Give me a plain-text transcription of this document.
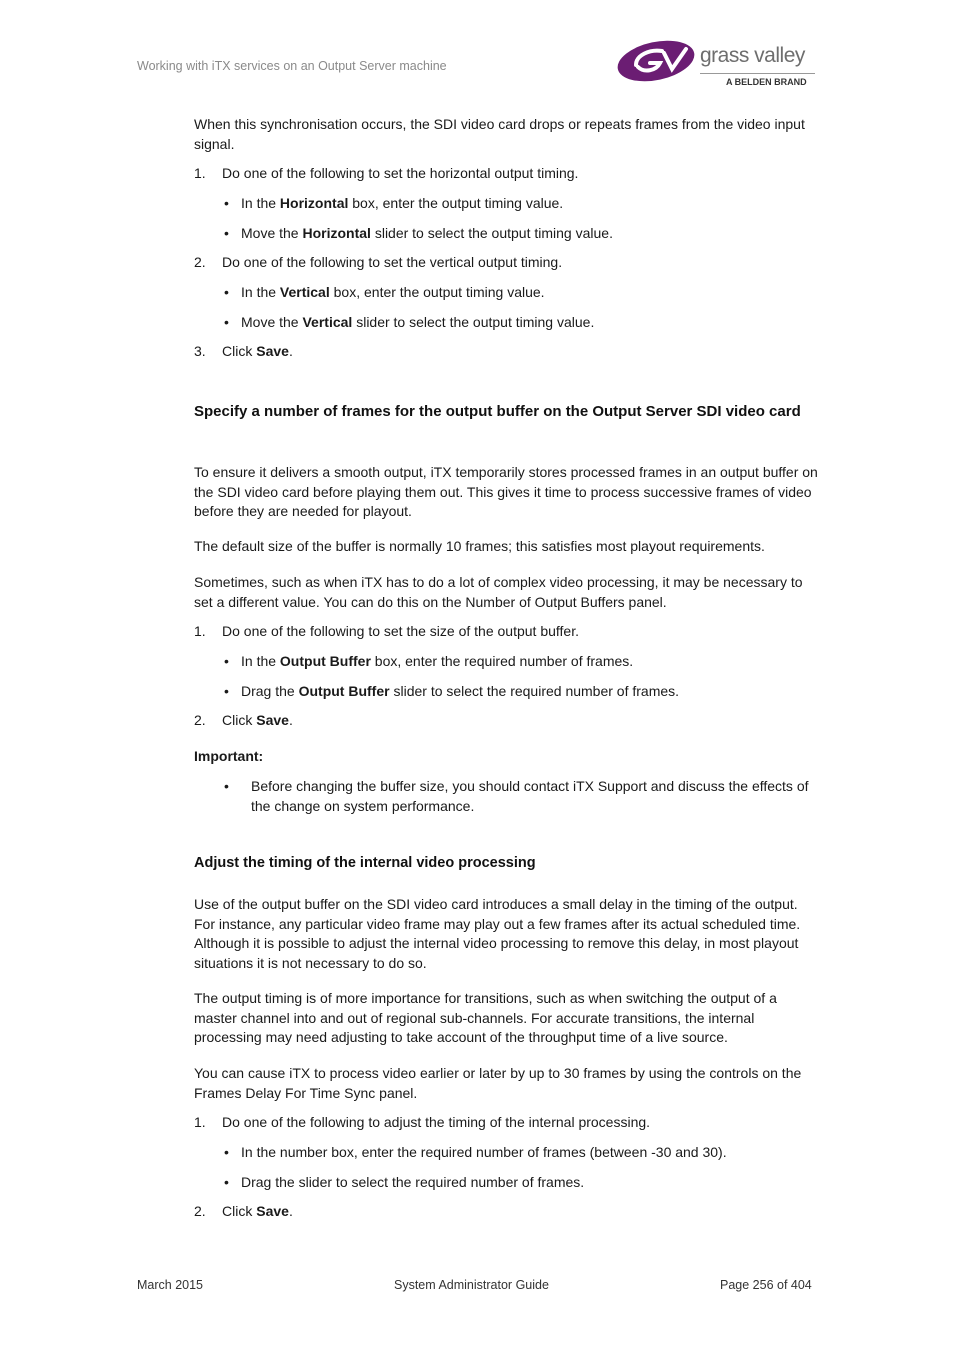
Working with iTX services on an Output Server machine	grass valley
A BELDEN BRAND
When this synchronisation occurs, the SDI video card drops or repeats frames from the video input signal.
1. Do one of the following to set the horizontal output timing.
• In the Horizontal box, enter the output timing value.
• Move the Horizontal slider to select the output timing value.
2. Do one of the following to set the vertical output timing.
• In the Vertical box, enter the output timing value.
• Move the Vertical slider to select the output timing value.
3. Click Save.
Specify a number of frames for the output buffer on the Output Server SDI video card
To ensure it delivers a smooth output, iTX temporarily stores processed frames in an output buffer on the SDI video card before playing them out. This gives it time to process successive frames of video before they are needed for playout.
The default size of the buffer is normally 10 frames; this satisfies most playout requirements.
Sometimes, such as when iTX has to do a lot of complex video processing, it may be necessary to set a different value. You can do this on the Number of Output Buffers panel.
1. Do one of the following to set the size of the output buffer.
• In the Output Buffer box, enter the required number of frames.
• Drag the Output Buffer slider to select the required number of frames.
2. Click Save.
Important:
• Before changing the buffer size, you should contact iTX Support and discuss the effects of the change on system performance.
Adjust the timing of the internal video processing
Use of the output buffer on the SDI video card introduces a small delay in the timing of the output. For instance, any particular video frame may play out a few frames after its actual scheduled time. Although it is possible to adjust the internal video processing to remove this delay, in most playout situations it is not necessary to do so.
The output timing is of more importance for transitions, such as when switching the output of a master channel into and out of regional sub-channels. For accurate transitions, the internal processing may need adjusting to take account of the throughput time of a live source.
You can cause iTX to process video earlier or later by up to 30 frames by using the controls on the Frames Delay For Time Sync panel.
1. Do one of the following to adjust the timing of the internal processing.
• In the number box, enter the required number of frames (between -30 and 30).
• Drag the slider to select the required number of frames.
2. Click Save.
March 2015	System Administrator Guide	Page 256 of 404
